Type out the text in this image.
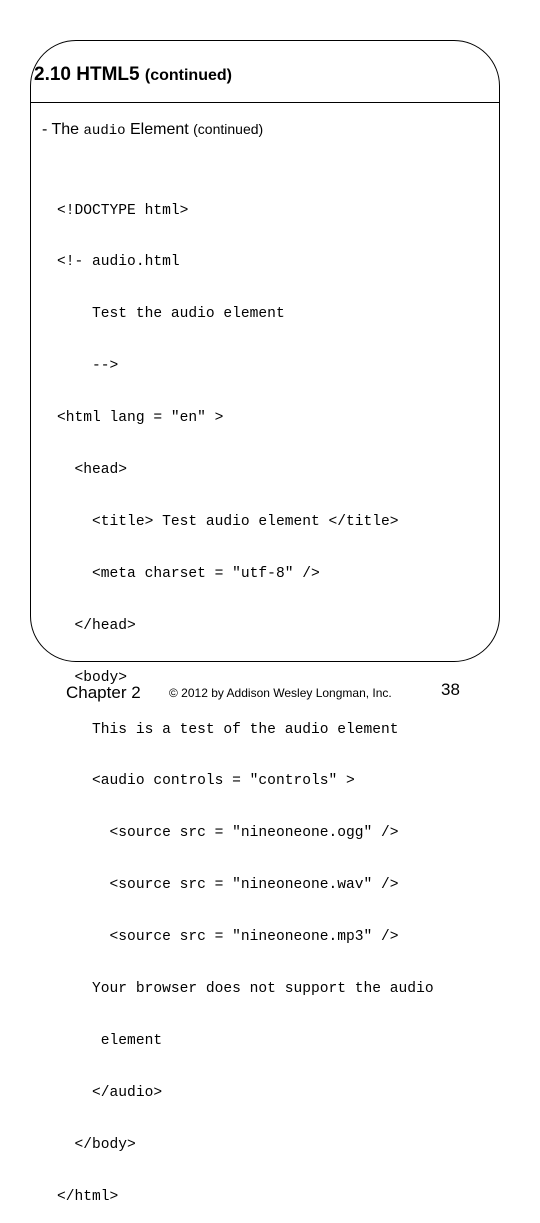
2.10 HTML5 (continued)
- The audio Element (continued)

<!DOCTYPE html>

<!- audio.html

Test the audio element

-->

<html lang = "en" >

<head>

<title> Test audio element </title>

<meta charset = "utf-8" />

</head>

<body>

This is a test of the audio element

<audio controls = "controls" >

<source src = "nineoneone.ogg" />

<source src = "nineoneone.wav" />

<source src = "nineoneone.mp3" />

Your browser does not support the audio

element

</audio>

</body>

</html>

Chapter 2 © 2012 by Addison Wesley Longman, Inc.	38
